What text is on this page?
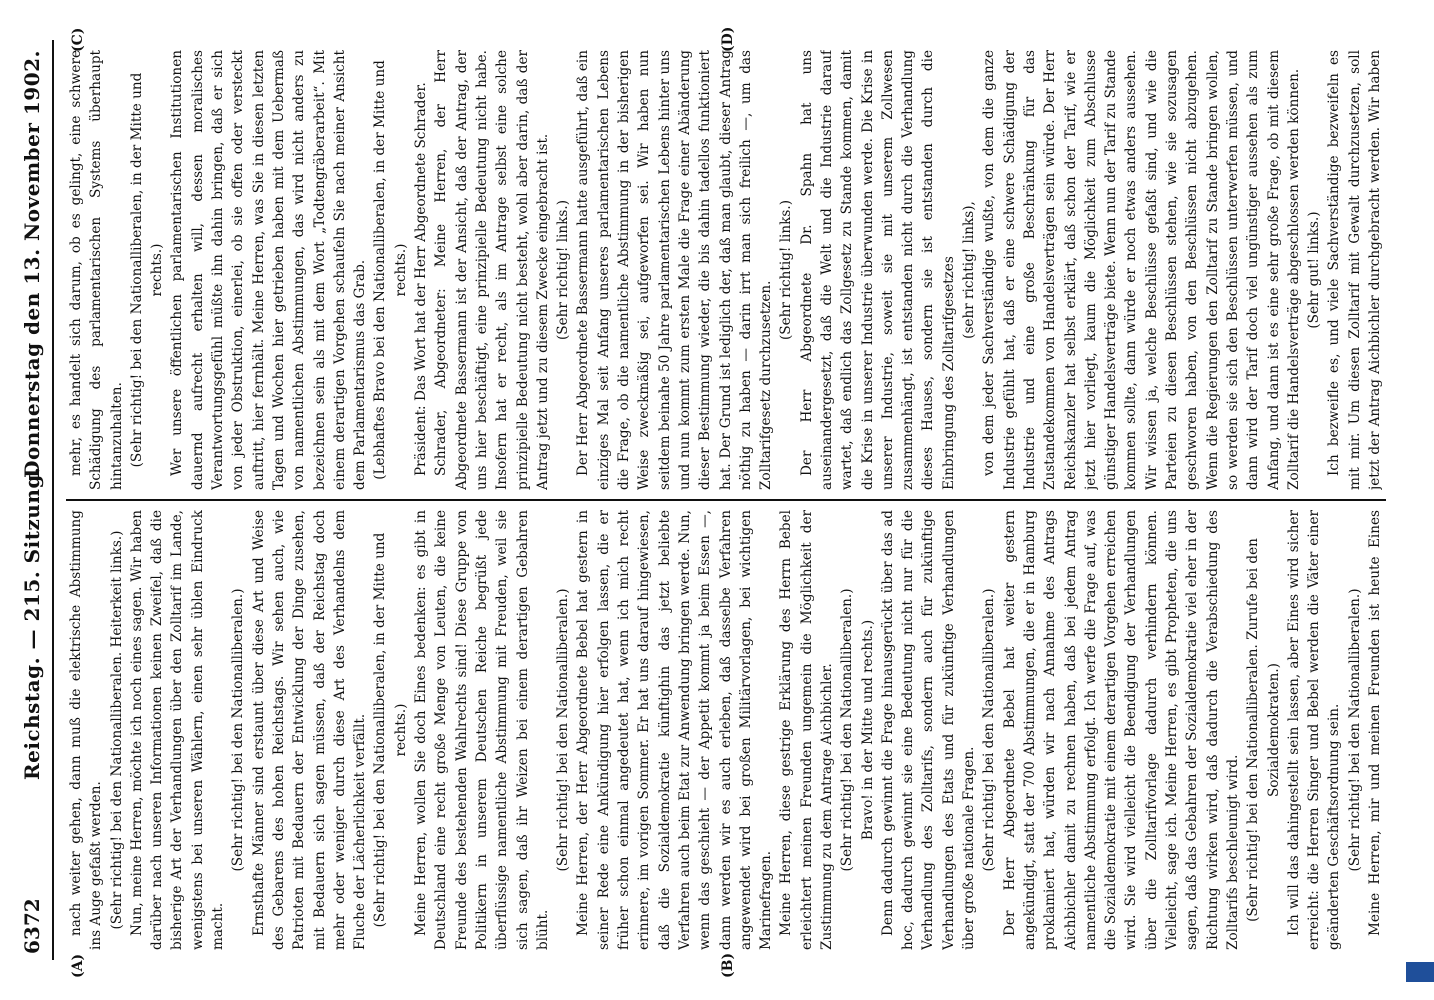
6372
Reichstag. — 215. Sitzung.
Donnerstag den 13. November 1902.
(A)	(B)
(C)	(D)

nach weiter gehen, dann muß die elektrische Abstimmung ins Auge gefaßt werden. (Sehr richtig! bei den Nationalliberalen. Heiterkeit links.) Nun, meine Herren, möchte ich noch eines sagen. Wir haben darüber nach unseren Informationen keinen Zweifel, daß die bisherige Art der Verhandlungen über den Zolltarif im Lande, wenigstens bei unseren Wählern, einen sehr üblen Eindruck macht.

(Sehr richtig! bei den Nationalliberalen.) Ernsthafte Männer sind erstaunt über diese Art und Weise des Gebarens des hohen Reichstags. Wir sehen auch, wie Patrioten mit Bedauern der Entwicklung der Dinge zusehen, mit Bedauern sich sagen müssen, daß der Reichstag doch mehr oder weniger durch diese Art des Verhandelns dem Fluche der Lächerlichkeit verfällt. (Sehr richtig! bei den Nationalliberalen, in der Mitte und rechts.) Meine Herren, wollen Sie doch Eines bedenken: es gibt in Deutschland eine recht große Menge von Leuten, die keine Freunde des bestehenden Wahlrechts sind! Diese Gruppe von Politikern in unserem Deutschen Reiche begrüßt jede überflüssige namentliche Abstimmung mit Freuden, weil sie sich sagen, daß ihr Weizen bei einem derartigen Gebahren blüht.

(Sehr richtig! bei den Nationalliberalen.) Meine Herren, der Herr Abgeordnete Bebel hat gestern in seiner Rede eine Ankündigung hier erfolgen lassen, die er früher schon einmal angedeutet hat, wenn ich mich recht erinnere, im vorigen Sommer. Er hat uns darauf hingewiesen, daß die Sozialdemokratie künftighin das jetzt beliebte Verfahren auch beim Etat zur Anwendung bringen werde. Nun, wenn das geschieht — der Appetit kommt ja beim Essen —, dann werden wir es auch erleben, daß dasselbe Verfahren angewendet wird bei großen Militärvorlagen, bei wichtigen Marinefragen. Meine Herren, diese gestrige Erklärung des Herrn Bebel erleichtert meinen Freunden ungemein die Möglichkeit der Zustimmung zu dem Antrage Aichbichler. (Sehr richtig! bei den Nationalliberalen.) Bravo! in der Mitte und rechts.) Denn dadurch gewinnt die Frage hinausgerückt über das ad hoc, dadurch gewinnt sie eine Bedeutung nicht nur für die Verhandlung des Zolltarifs, sondern auch für zukünftige Verhandlungen des Etats und für zukünftige Verhandlungen über große nationale Fragen. (Sehr richtig! bei den Nationalliberalen.) Der Herr Abgeordnete Bebel hat weiter gestern angekündigt, statt der 700 Abstimmungen, die er in Hamburg proklamiert hat, würden wir nach Annahme des Antrags Aichbichler damit zu rechnen haben, daß bei jedem Antrag namentliche Abstimmung erfolgt. Ich werfe die Frage auf, was die Sozialdemokratie mit einem derartigen Vorgehen erreichen wird. Sie wird vielleicht die Beendigung der Verhandlungen über die Zolltarifvorlage dadurch verhindern können. Vielleicht, sage ich. Meine Herren, es gibt Propheten, die uns sagen, daß das Gebahren der Sozialdemokratie viel eher in der Richtung wirken wird, daß dadurch die Verabschiedung des Zolltarifs beschleunigt wird. (Sehr richtig! bei den Nationalliberalen. Zurufe bei den Sozialdemokraten.) Ich will das dahingestellt sein lassen, aber Eines wird sicher erreicht: die Herren Singer und Bebel werden die Väter einer geänderten Geschäftsordnung sein. (Sehr richtig! bei den Nationalliberalen.)

Meine Herren, mir und meinen Freunden ist heute Eines

mehr, es handelt sich darum, ob es gelingt, eine schwere Schädigung des parlamentarischen Systems überhaupt hintanzuhalten. (Sehr richtig! bei den Nationalliberalen, in der Mitte und rechts.) Wer unsere öffentlichen parlamentarischen Institutionen dauernd aufrecht erhalten will, dessen moralisches Verantwortungsgefühl müßte ihn dahin bringen, daß er sich von jeder Obstruktion, einerlei, ob sie offen oder versteckt auftritt, hier fernhält. Meine Herren, was Sie in diesen letzten Tagen und Wochen hier getrieben haben mit dem Uebermaß von namentlichen Abstimmungen, das wird nicht anders zu bezeichnen sein als mit dem Wort „Todtengräberarbeit“. Mit einem derartigen Vorgehen schaufeln Sie nach meiner Ansicht dem Parlamentarismus das Grab. (Lebhaftes Bravo bei den Nationalliberalen, in der Mitte und rechts.) Präsident: Das Wort hat der Herr Abgeordnete Schrader. Schrader, Abgeordneter: Meine Herren, der Herr Abgeordnete Bassermann ist der Ansicht, daß der Antrag, der uns hier beschäftigt, eine prinzipielle Bedeutung nicht habe. Insofern hat er recht, als im Antrage selbst eine solche prinzipielle Bedeutung nicht besteht, wohl aber darin, daß der Antrag jetzt und zu diesem Zwecke eingebracht ist. (Sehr richtig! links.) Der Herr Abgeordnete Bassermann hatte ausgeführt, daß ein einziges Mal seit Anfang unseres parlamentarischen Lebens die Frage, ob die namentliche Abstimmung in der bisherigen Weise zweckmäßig sei, aufgeworfen sei. Wir haben nun seitdem beinahe 50 Jahre parlamentarischen Lebens hinter uns und nun kommt zum ersten Male die Frage einer Abänderung dieser Bestimmung wieder, die bis dahin tadellos funktioniert hat. Der Grund ist lediglich der, daß man glaubt, dieser Antrag nöthig zu haben — darin irrt man sich freilich —, um das Zolltarifgesetz durchzusetzen.

(Sehr richtig! links.) Der Herr Abgeordnete Dr. Spahn hat uns auseinandergesetzt, daß die Welt und die Industrie darauf wartet, daß endlich das Zollgesetz zu Stande kommen, damit die Krise in unserer Industrie überwunden werde. Die Krise in unserer Industrie, soweit sie mit unserem Zollwesen zusammenhängt, ist entstanden nicht durch die Verhandlung dieses Hauses, sondern sie ist entstanden durch die Einbringung des Zolltarifgesetzes (sehr richtig! links), von dem jeder Sachverständige wußte, von dem die ganze Industrie gefühlt hat, daß er eine schwere Schädigung der Industrie und eine große Beschränkung für das Zustandekommen von Handelsverträgen sein würde. Der Herr Reichskanzler hat selbst erklärt, daß schon der Tarif, wie er jetzt hier vorliegt, kaum die Möglichkeit zum Abschlusse günstiger Handelsverträge biete. Wenn nun der Tarif zu Stande kommen sollte, dann würde er noch etwas anders aussehen. Wir wissen ja, welche Beschlüsse gefaßt sind, und wie die Parteien zu diesen Beschlüssen stehen, wie sie sozusagen geschworen haben, von den Beschlüssen nicht abzugehen. Wenn die Regierungen den Zolltarif zu Stande bringen wollen, so werden sie sich den Beschlüssen unterwerfen müssen, und dann wird der Tarif doch viel ungünstiger aussehen als zum Anfang, und dann ist es eine sehr große Frage, ob mit diesem Zolltarif die Handelsverträge abgeschlossen werden können. (Sehr gut! links.)

Ich bezweifle es, und viele Sachverständige bezweifeln es mit mir. Um diesen Zolltarif mit Gewalt durchzusetzen, soll jetzt der Antrag Aichbichler durchgebracht werden. Wir haben
